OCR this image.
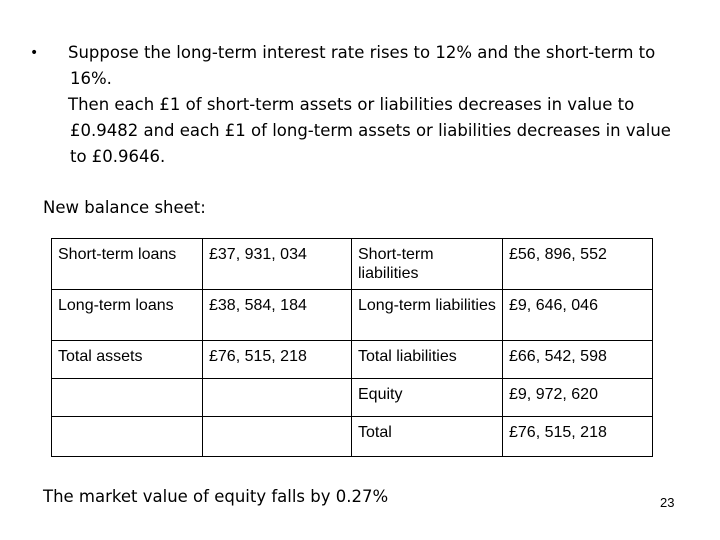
•	Suppose the long-term interest rate rises to 12% and the short-term to 16%.

Then each £1 of short-term assets or liabilities decreases in value to £0.9482 and each £1 of long-term assets or liabilities decreases in value to £0.9646.

New balance sheet:
Short-term loans	£37, 931, 034	Short-term liabilities	£56, 896, 552
Long-term loans	£38, 584, 184	Long-term liabilities	£9, 646, 046
Total assets	£76, 515, 218	Total liabilities	£66, 542, 598
		Equity	£9, 972, 620
		Total	£76, 515, 218
The market value of equity falls by 0.27%	23
